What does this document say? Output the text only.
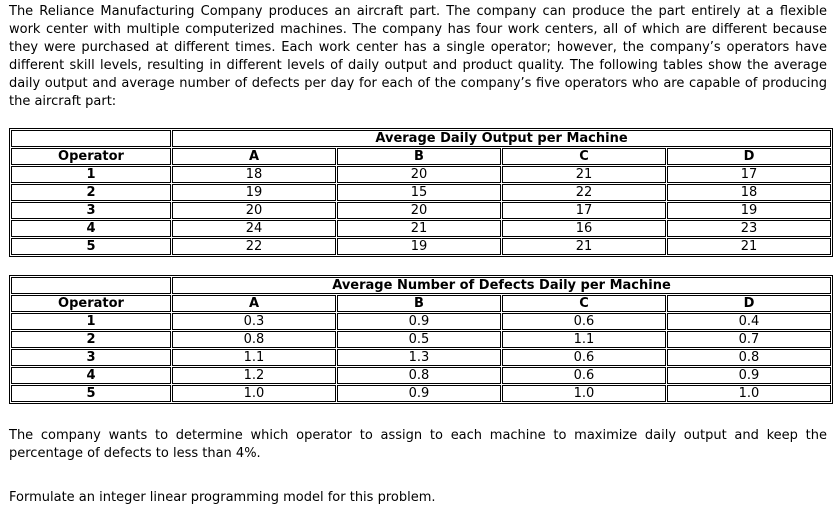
The Reliance Manufacturing Company produces an aircraft part. The company can produce the part entirely at a flexible work center with multiple computerized machines. The company has four work centers, all of which are different because they were purchased at different times. Each work center has a single operator; however, the company’s operators have different skill levels, resulting in different levels of daily output and product quality. The following tables show the average daily output and average number of defects per day for each of the company’s five operators who are capable of producing the aircraft part:

	Average Daily Output per Machine			
Operator	A	B	C	D
1	18	20	21	17
2	19	15	22	18
3	20	20	17	19
4	24	21	16	23
5	22	19	21	21
	Average Number of Defects Daily per Machine			
Operator	A	B	C	D
1	0.3	0.9	0.6	0.4
2	0.8	0.5	1.1	0.7
3	1.1	1.3	0.6	0.8
4	1.2	0.8	0.6	0.9
5	1.0	0.9	1.0	1.0

The company wants to determine which operator to assign to each machine to maximize daily output and keep the percentage of defects to less than 4%.

Formulate an integer linear programming model for this problem.
